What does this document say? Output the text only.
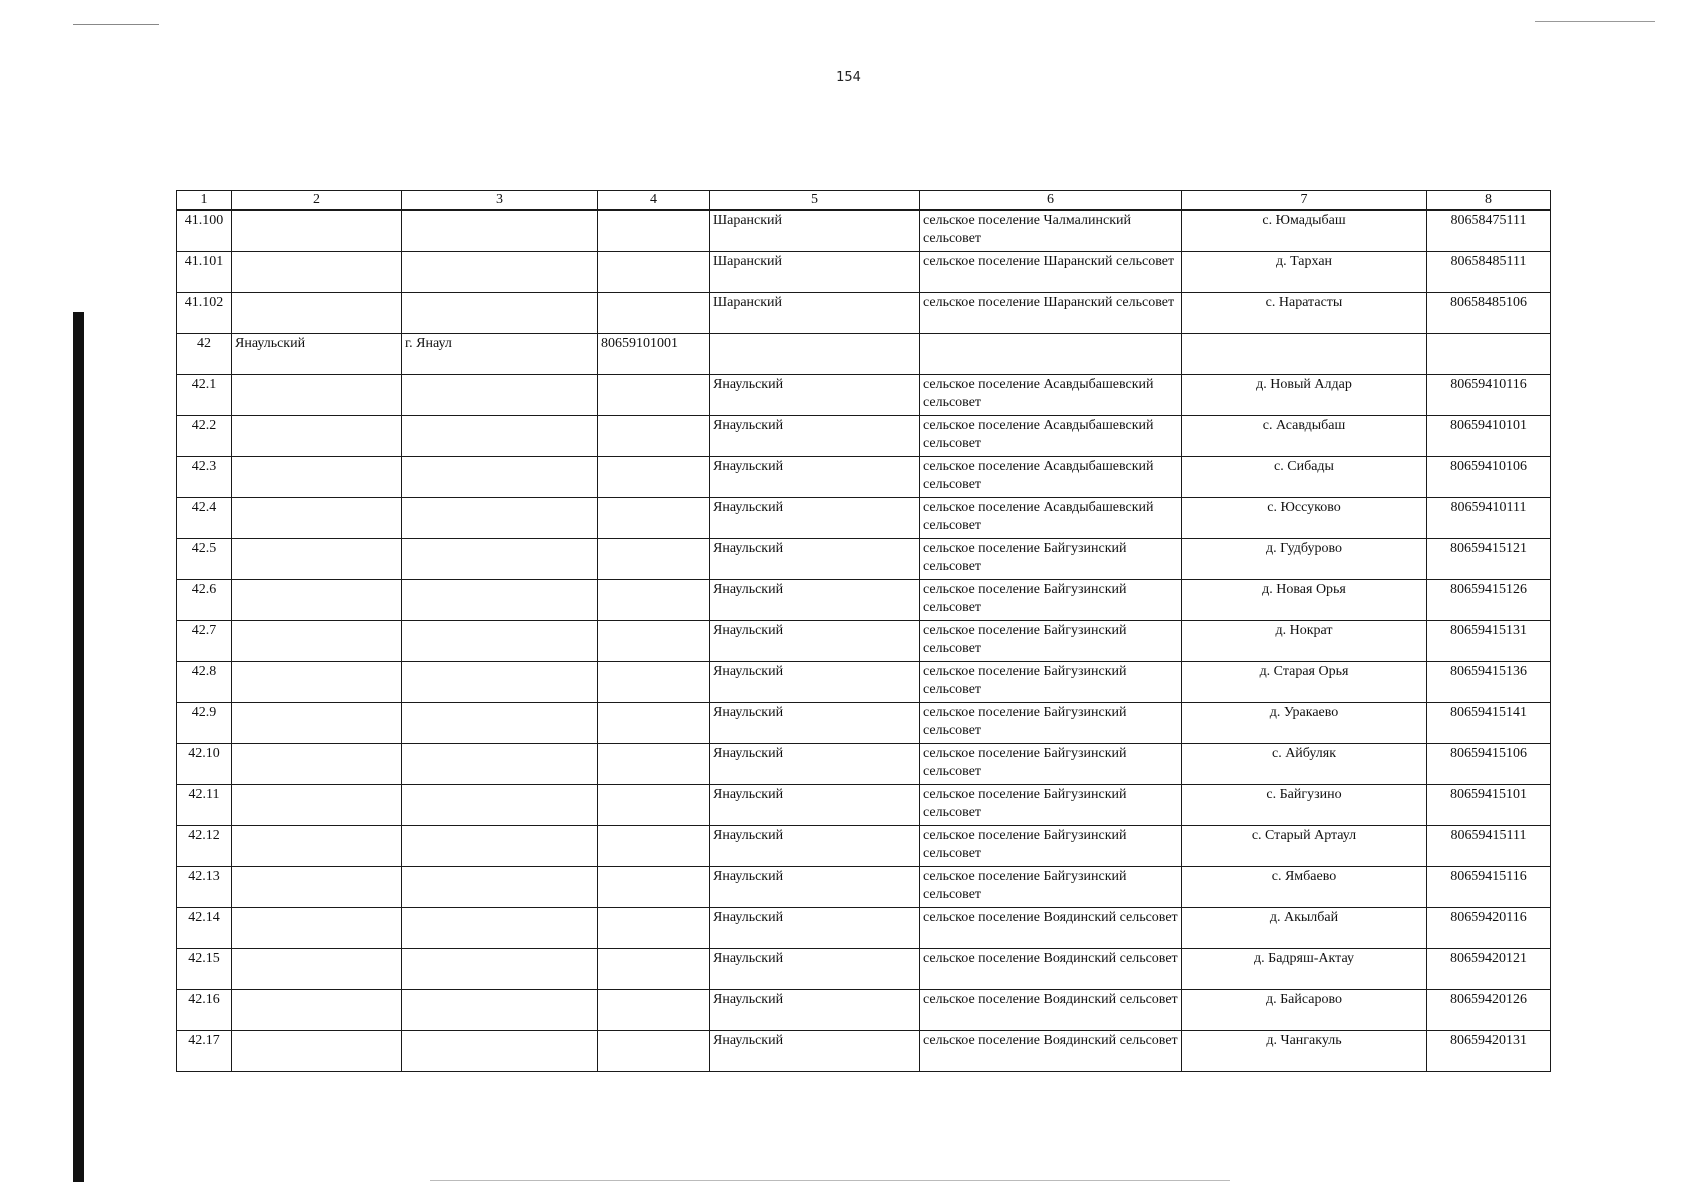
154
1	2	3	4	5	6	7	8
41.100				Шаранский	сельское поселение Чалмалинский сельсовет	с. Юмадыбаш	80658475111
41.101				Шаранский	сельское поселение Шаранский сельсовет	д. Тархан	80658485111
41.102				Шаранский	сельское поселение Шаранский сельсовет	с. Наратасты	80658485106
42	Янаульский	г. Янаул	80659101001				
42.1				Янаульский	сельское поселение Асавдыбашевский сельсовет	д. Новый Алдар	80659410116
42.2				Янаульский	сельское поселение Асавдыбашевский сельсовет	с. Асавдыбаш	80659410101
42.3				Янаульский	сельское поселение Асавдыбашевский сельсовет	с. Сибады	80659410106
42.4				Янаульский	сельское поселение Асавдыбашевский сельсовет	с. Юссуково	80659410111
42.5				Янаульский	сельское поселение Байгузинский сельсовет	д. Гудбурово	80659415121
42.6				Янаульский	сельское поселение Байгузинский сельсовет	д. Новая Орья	80659415126
42.7				Янаульский	сельское поселение Байгузинский сельсовет	д. Нократ	80659415131
42.8				Янаульский	сельское поселение Байгузинский сельсовет	д. Старая Орья	80659415136
42.9				Янаульский	сельское поселение Байгузинский сельсовет	д. Уракаево	80659415141
42.10				Янаульский	сельское поселение Байгузинский сельсовет	с. Айбуляк	80659415106
42.11				Янаульский	сельское поселение Байгузинский сельсовет	с. Байгузино	80659415101
42.12				Янаульский	сельское поселение Байгузинский сельсовет	с. Старый Артаул	80659415111
42.13				Янаульский	сельское поселение Байгузинский сельсовет	с. Ямбаево	80659415116
42.14				Янаульский	сельское поселение Воядинский сельсовет	д. Акылбай	80659420116
42.15				Янаульский	сельское поселение Воядинский сельсовет	д. Бадряш-Актау	80659420121
42.16				Янаульский	сельское поселение Воядинский сельсовет	д. Байсарово	80659420126
42.17				Янаульский	сельское поселение Воядинский сельсовет	д. Чангакуль	80659420131
